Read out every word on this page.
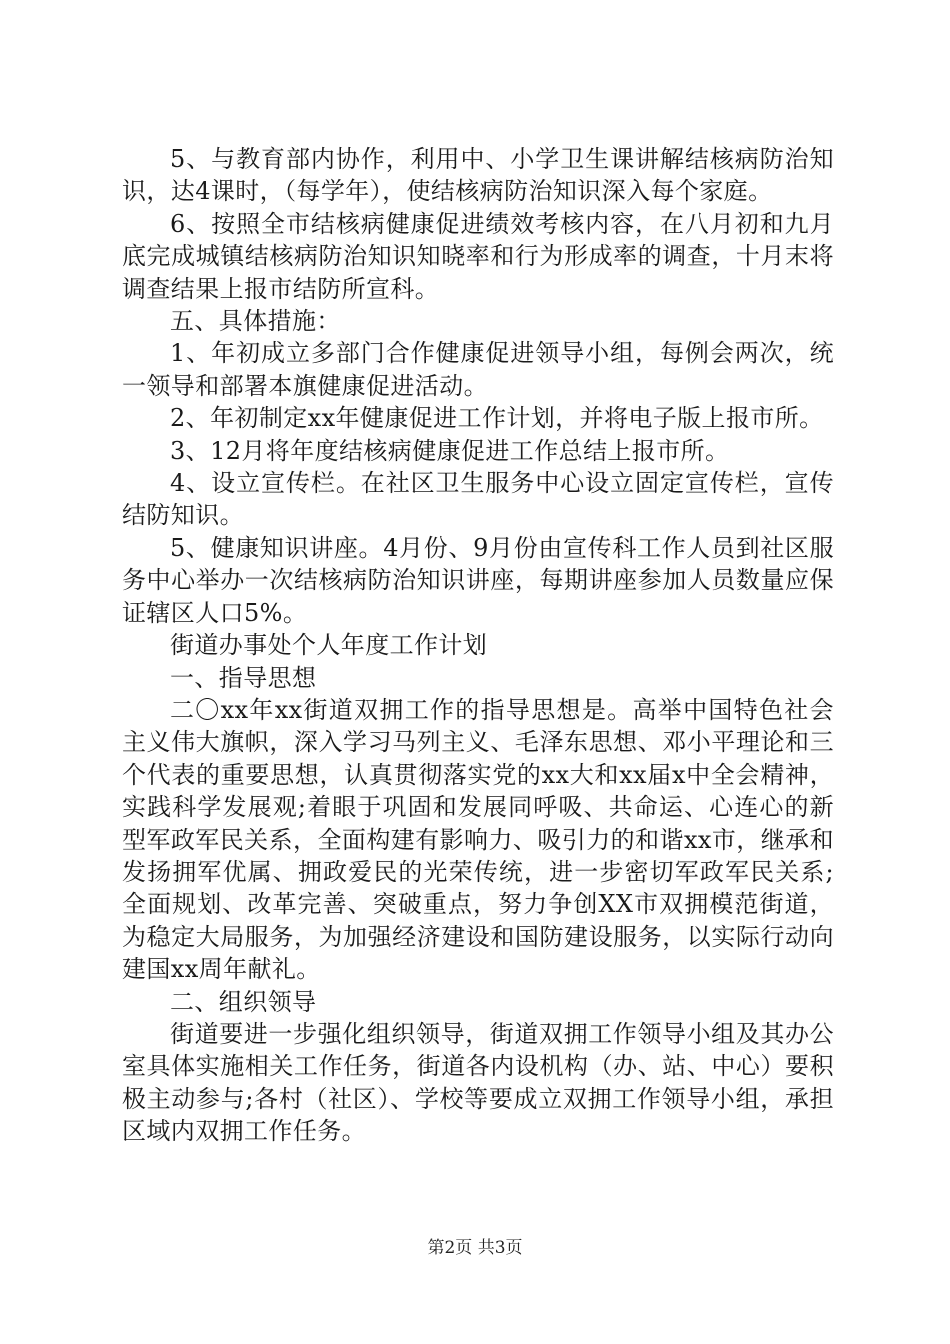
5、与教育部内协作，利用中、小学卫生课讲解结核病防治知识，达4课时，（每学年），使结核病防治知识深入每个家庭。

6、按照全市结核病健康促进绩效考核内容，在八月初和九月底完成城镇结核病防治知识知晓率和行为形成率的调查，十月末将调查结果上报市结防所宣科。

五、具体措施：

1、年初成立多部门合作健康促进领导小组，每例会两次，统一领导和部署本旗健康促进活动。

2、年初制定xx年健康促进工作计划，并将电子版上报市所。

3、12月将年度结核病健康促进工作总结上报市所。

4、设立宣传栏。在社区卫生服务中心设立固定宣传栏，宣传结防知识。

5、健康知识讲座。4月份、9月份由宣传科工作人员到社区服务中心举办一次结核病防治知识讲座，每期讲座参加人员数量应保证辖区人口5%。

街道办事处个人年度工作计划

一、指导思想

二〇xx年xx街道双拥工作的指导思想是。高举中国特色社会主义伟大旗帜，深入学习马列主义、毛泽东思想、邓小平理论和三个代表的重要思想，认真贯彻落实党的xx大和xx届x中全会精神，实践科学发展观;着眼于巩固和发展同呼吸、共命运、心连心的新型军政军民关系，全面构建有影响力、吸引力的和谐xx市，继承和发扬拥军优属、拥政爱民的光荣传统，进一步密切军政军民关系;全面规划、改革完善、突破重点，努力争创XX市双拥模范街道，为稳定大局服务，为加强经济建设和国防建设服务，以实际行动向建国xx周年献礼。

二、组织领导

街道要进一步强化组织领导，街道双拥工作领导小组及其办公室具体实施相关工作任务，街道各内设机构（办、站、中心）要积极主动参与;各村（社区）、学校等要成立双拥工作领导小组，承担区域内双拥工作任务。

第2页 共3页
